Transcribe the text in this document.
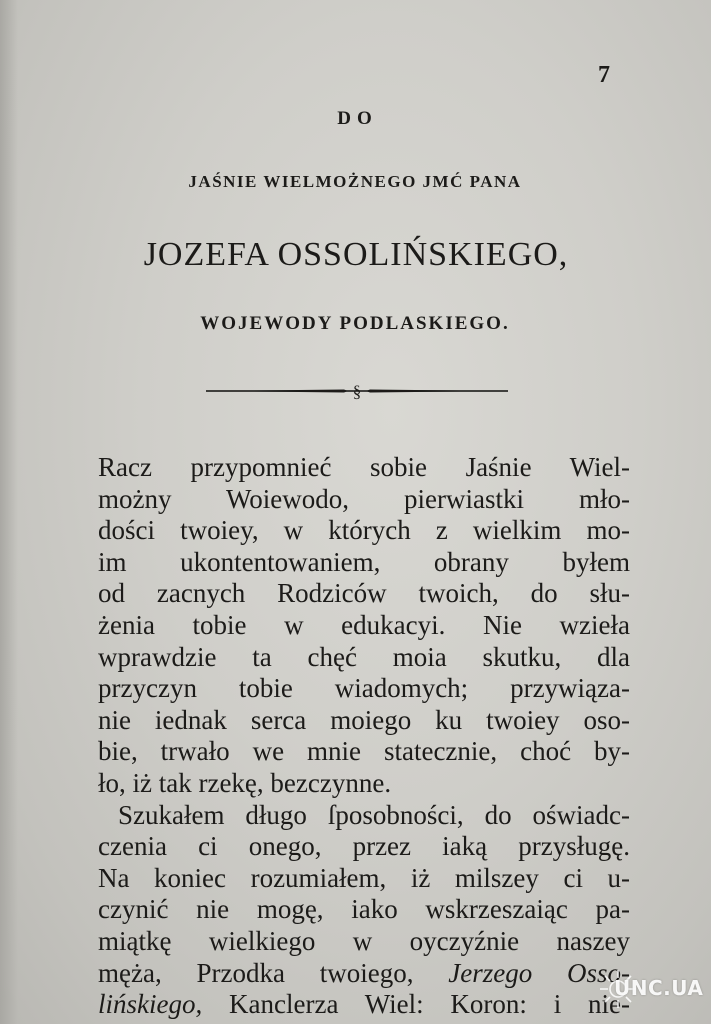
7
DO
JAŚNIE WIELMOŻNEGO JMĆ PANA
JOZEFA OSSOLIŃSKIEGO,
WOJEWODY PODLASKIEGO.
§
Racz przypomnieć sobie Jaśnie Wiel-
możny Woiewodo, pierwiastki mło-
dości twoiey, w których z wielkim mo-
im ukontentowaniem, obrany byłem
od zacnych Rodziców twoich, do słu-
żenia tobie w edukacyi. Nie wzieła
wprawdzie ta chęć moia skutku, dla
przyczyn tobie wiadomych; przywiąza-
nie iednak serca moiego ku twoiey oso-
bie, trwało we mnie statecznie, choć by-
ło, iż tak rzekę, bezczynne.
Szukałem długo ſposobności, do oświadc-
czenia ci onego, przez iaką przysługę.
Na koniec rozumiałem, iż milszey ci u-
czynić nie mogę, iako wskrzeszaiąc pa-
miątkę wielkiego w oyczyźnie naszey
męża, Przodka twoiego, Jerzego Osso-
lińskiego, Kanclerza Wiel: Koron: i nie-
UNC.UA
